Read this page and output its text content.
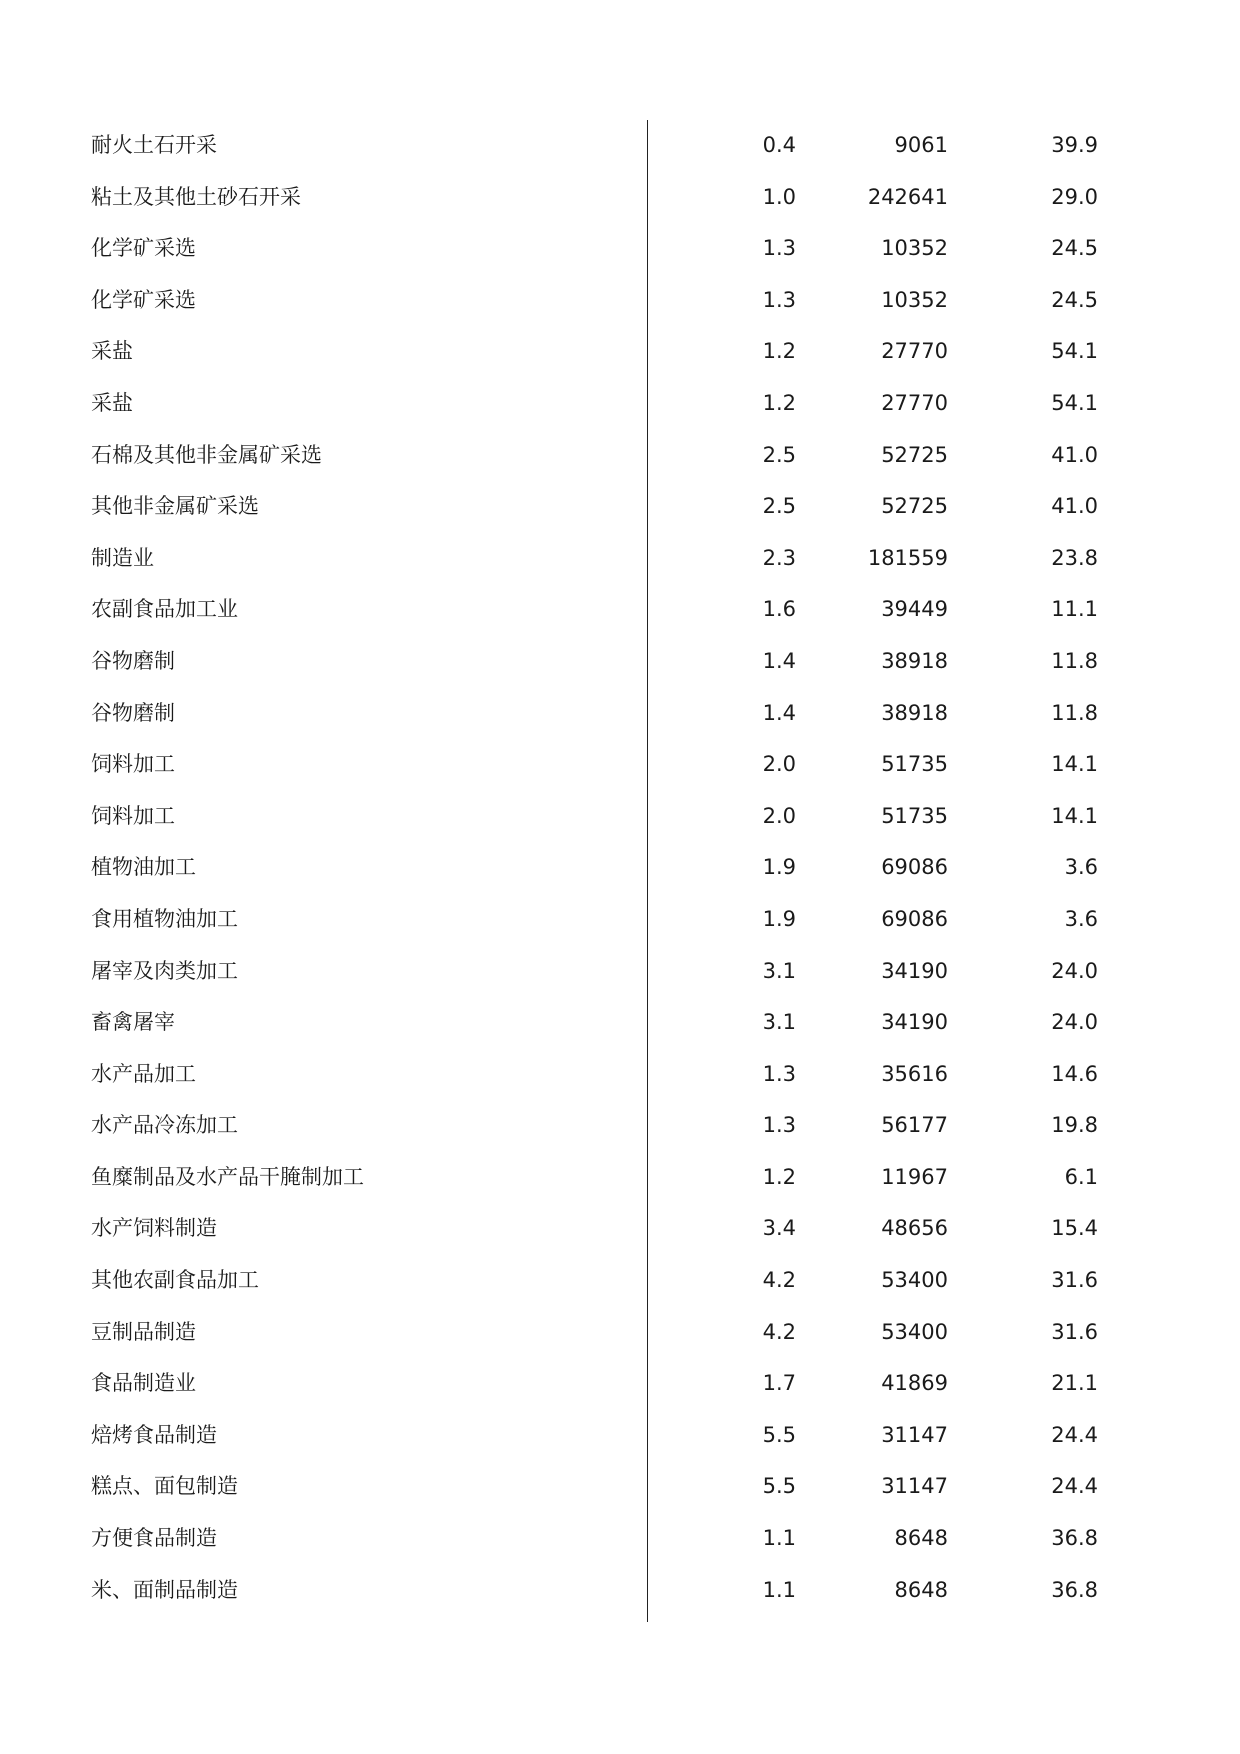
耐火土石开采	0.4	9061	39.9
粘土及其他土砂石开采	1.0	242641	29.0
化学矿采选	1.3	10352	24.5
化学矿采选	1.3	10352	24.5
采盐	1.2	27770	54.1
采盐	1.2	27770	54.1
石棉及其他非金属矿采选	2.5	52725	41.0
其他非金属矿采选	2.5	52725	41.0
制造业	2.3	181559	23.8
农副食品加工业	1.6	39449	11.1
谷物磨制	1.4	38918	11.8
谷物磨制	1.4	38918	11.8
饲料加工	2.0	51735	14.1
饲料加工	2.0	51735	14.1
植物油加工	1.9	69086	3.6
食用植物油加工	1.9	69086	3.6
屠宰及肉类加工	3.1	34190	24.0
畜禽屠宰	3.1	34190	24.0
水产品加工	1.3	35616	14.6
水产品冷冻加工	1.3	56177	19.8
鱼糜制品及水产品干腌制加工	1.2	11967	6.1
水产饲料制造	3.4	48656	15.4
其他农副食品加工	4.2	53400	31.6
豆制品制造	4.2	53400	31.6
食品制造业	1.7	41869	21.1
焙烤食品制造	5.5	31147	24.4
糕点、面包制造	5.5	31147	24.4
方便食品制造	1.1	8648	36.8
米、面制品制造	1.1	8648	36.8
